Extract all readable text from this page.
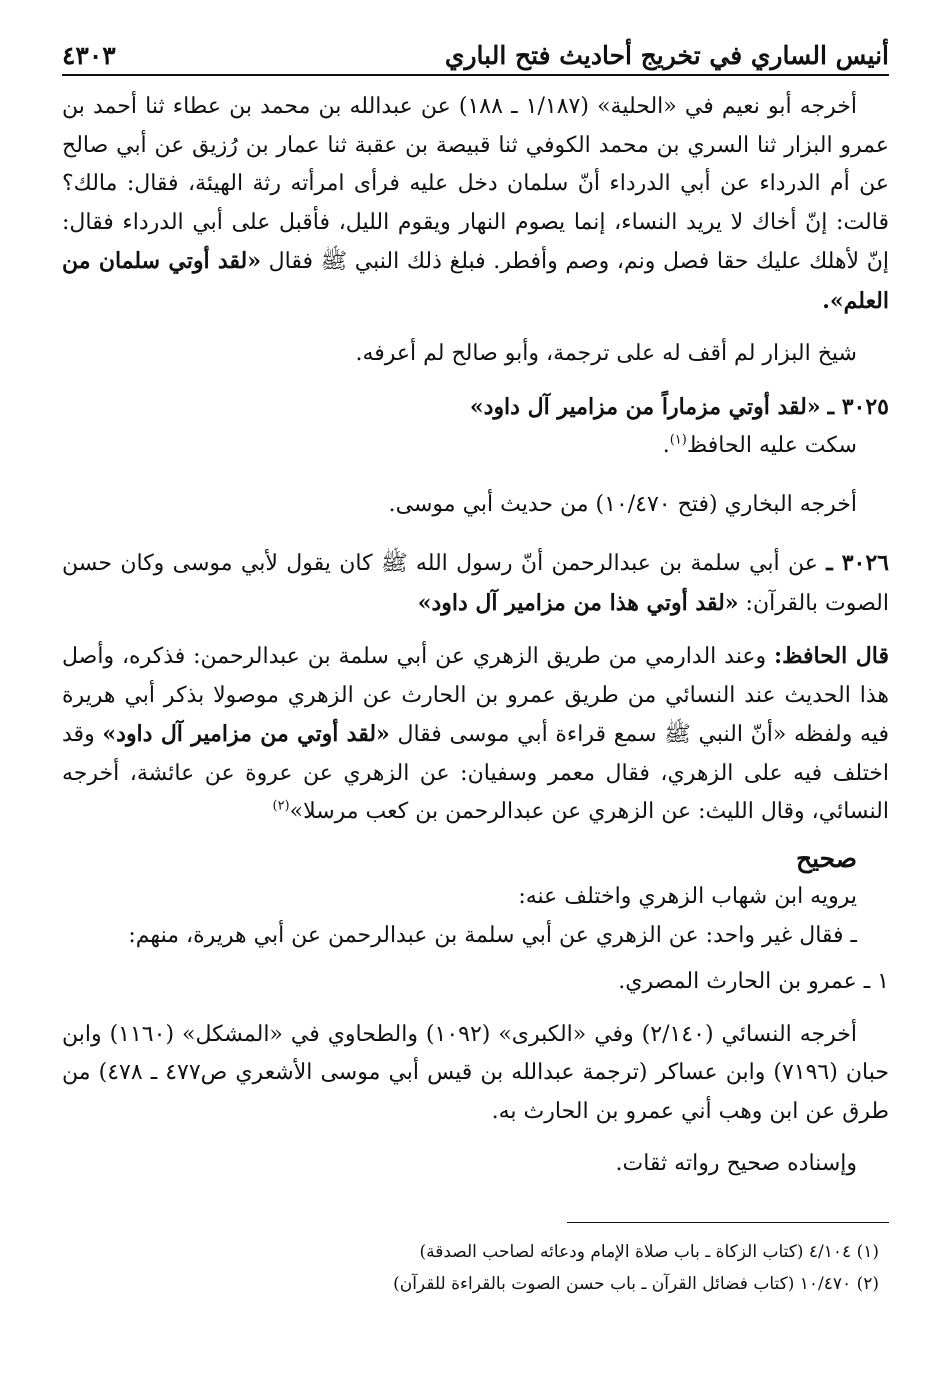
أنيس الساري في تخريج أحاديث فتح الباري
٤٣٠٣

أخرجه أبو نعيم في «الحلية» (١/١٨٧ ـ ١٨٨) عن عبدالله بن محمد بن عطاء ثنا أحمد بن عمرو البزار ثنا السري بن محمد الكوفي ثنا قبيصة بن عقبة ثنا عمار بن رُزيق عن أبي صالح عن أم الدرداء عن أبي الدرداء أنّ سلمان دخل عليه فرأى امرأته رثة الهيئة، فقال: مالك؟ قالت: إنّ أخاك لا يريد النساء، إنما يصوم النهار ويقوم الليل، فأقبل على أبي الدرداء فقال: إنّ لأهلك عليك حقا فصل ونم، وصم وأفطر. فبلغ ذلك النبي ﷺ فقال «لقد أوتي سلمان من العلم».

شيخ البزار لم أقف له على ترجمة، وأبو صالح لم أعرفه.

٣٠٢٥ ـ «لقد أوتي مزماراً من مزامير آل داود»

سكت عليه الحافظ$^{(١)}$.

أخرجه البخاري (فتح ١٠/٤٧٠) من حديث أبي موسى.

٣٠٢٦ ـ عن أبي سلمة بن عبدالرحمن أنّ رسول الله ﷺ كان يقول لأبي موسى وكان حسن الصوت بالقرآن: «لقد أوتي هذا من مزامير آل داود»

قال الحافظ: وعند الدارمي من طريق الزهري عن أبي سلمة بن عبدالرحمن: فذكره، وأصل هذا الحديث عند النسائي من طريق عمرو بن الحارث عن الزهري موصولا بذكر أبي هريرة فيه ولفظه «أنّ النبي ﷺ سمع قراءة أبي موسى فقال «لقد أوتي من مزامير آل داود» وقد اختلف فيه على الزهري، فقال معمر وسفيان: عن الزهري عن عروة عن عائشة، أخرجه النسائي، وقال الليث: عن الزهري عن عبدالرحمن بن كعب مرسلا»$^{(٢)}$

صحيح

يرويه ابن شهاب الزهري واختلف عنه:

ـ فقال غير واحد: عن الزهري عن أبي سلمة بن عبدالرحمن عن أبي هريرة، منهم:

١ ـ عمرو بن الحارث المصري.

أخرجه النسائي (٢/١٤٠) وفي «الكبرى» (١٠٩٢) والطحاوي في «المشكل» (١١٦٠) وابن حبان (٧١٩٦) وابن عساكر (ترجمة عبدالله بن قيس أبي موسى الأشعري ص٤٧٧ ـ ٤٧٨) من طرق عن ابن وهب أني عمرو بن الحارث به.

وإسناده صحيح رواته ثقات.

(١) ٤/١٠٤ (كتاب الزكاة ـ باب صلاة الإمام ودعائه لصاحب الصدقة)

(٢) ١٠/٤٧٠ (كتاب فضائل القرآن ـ باب حسن الصوت بالقراءة للقرآن)
